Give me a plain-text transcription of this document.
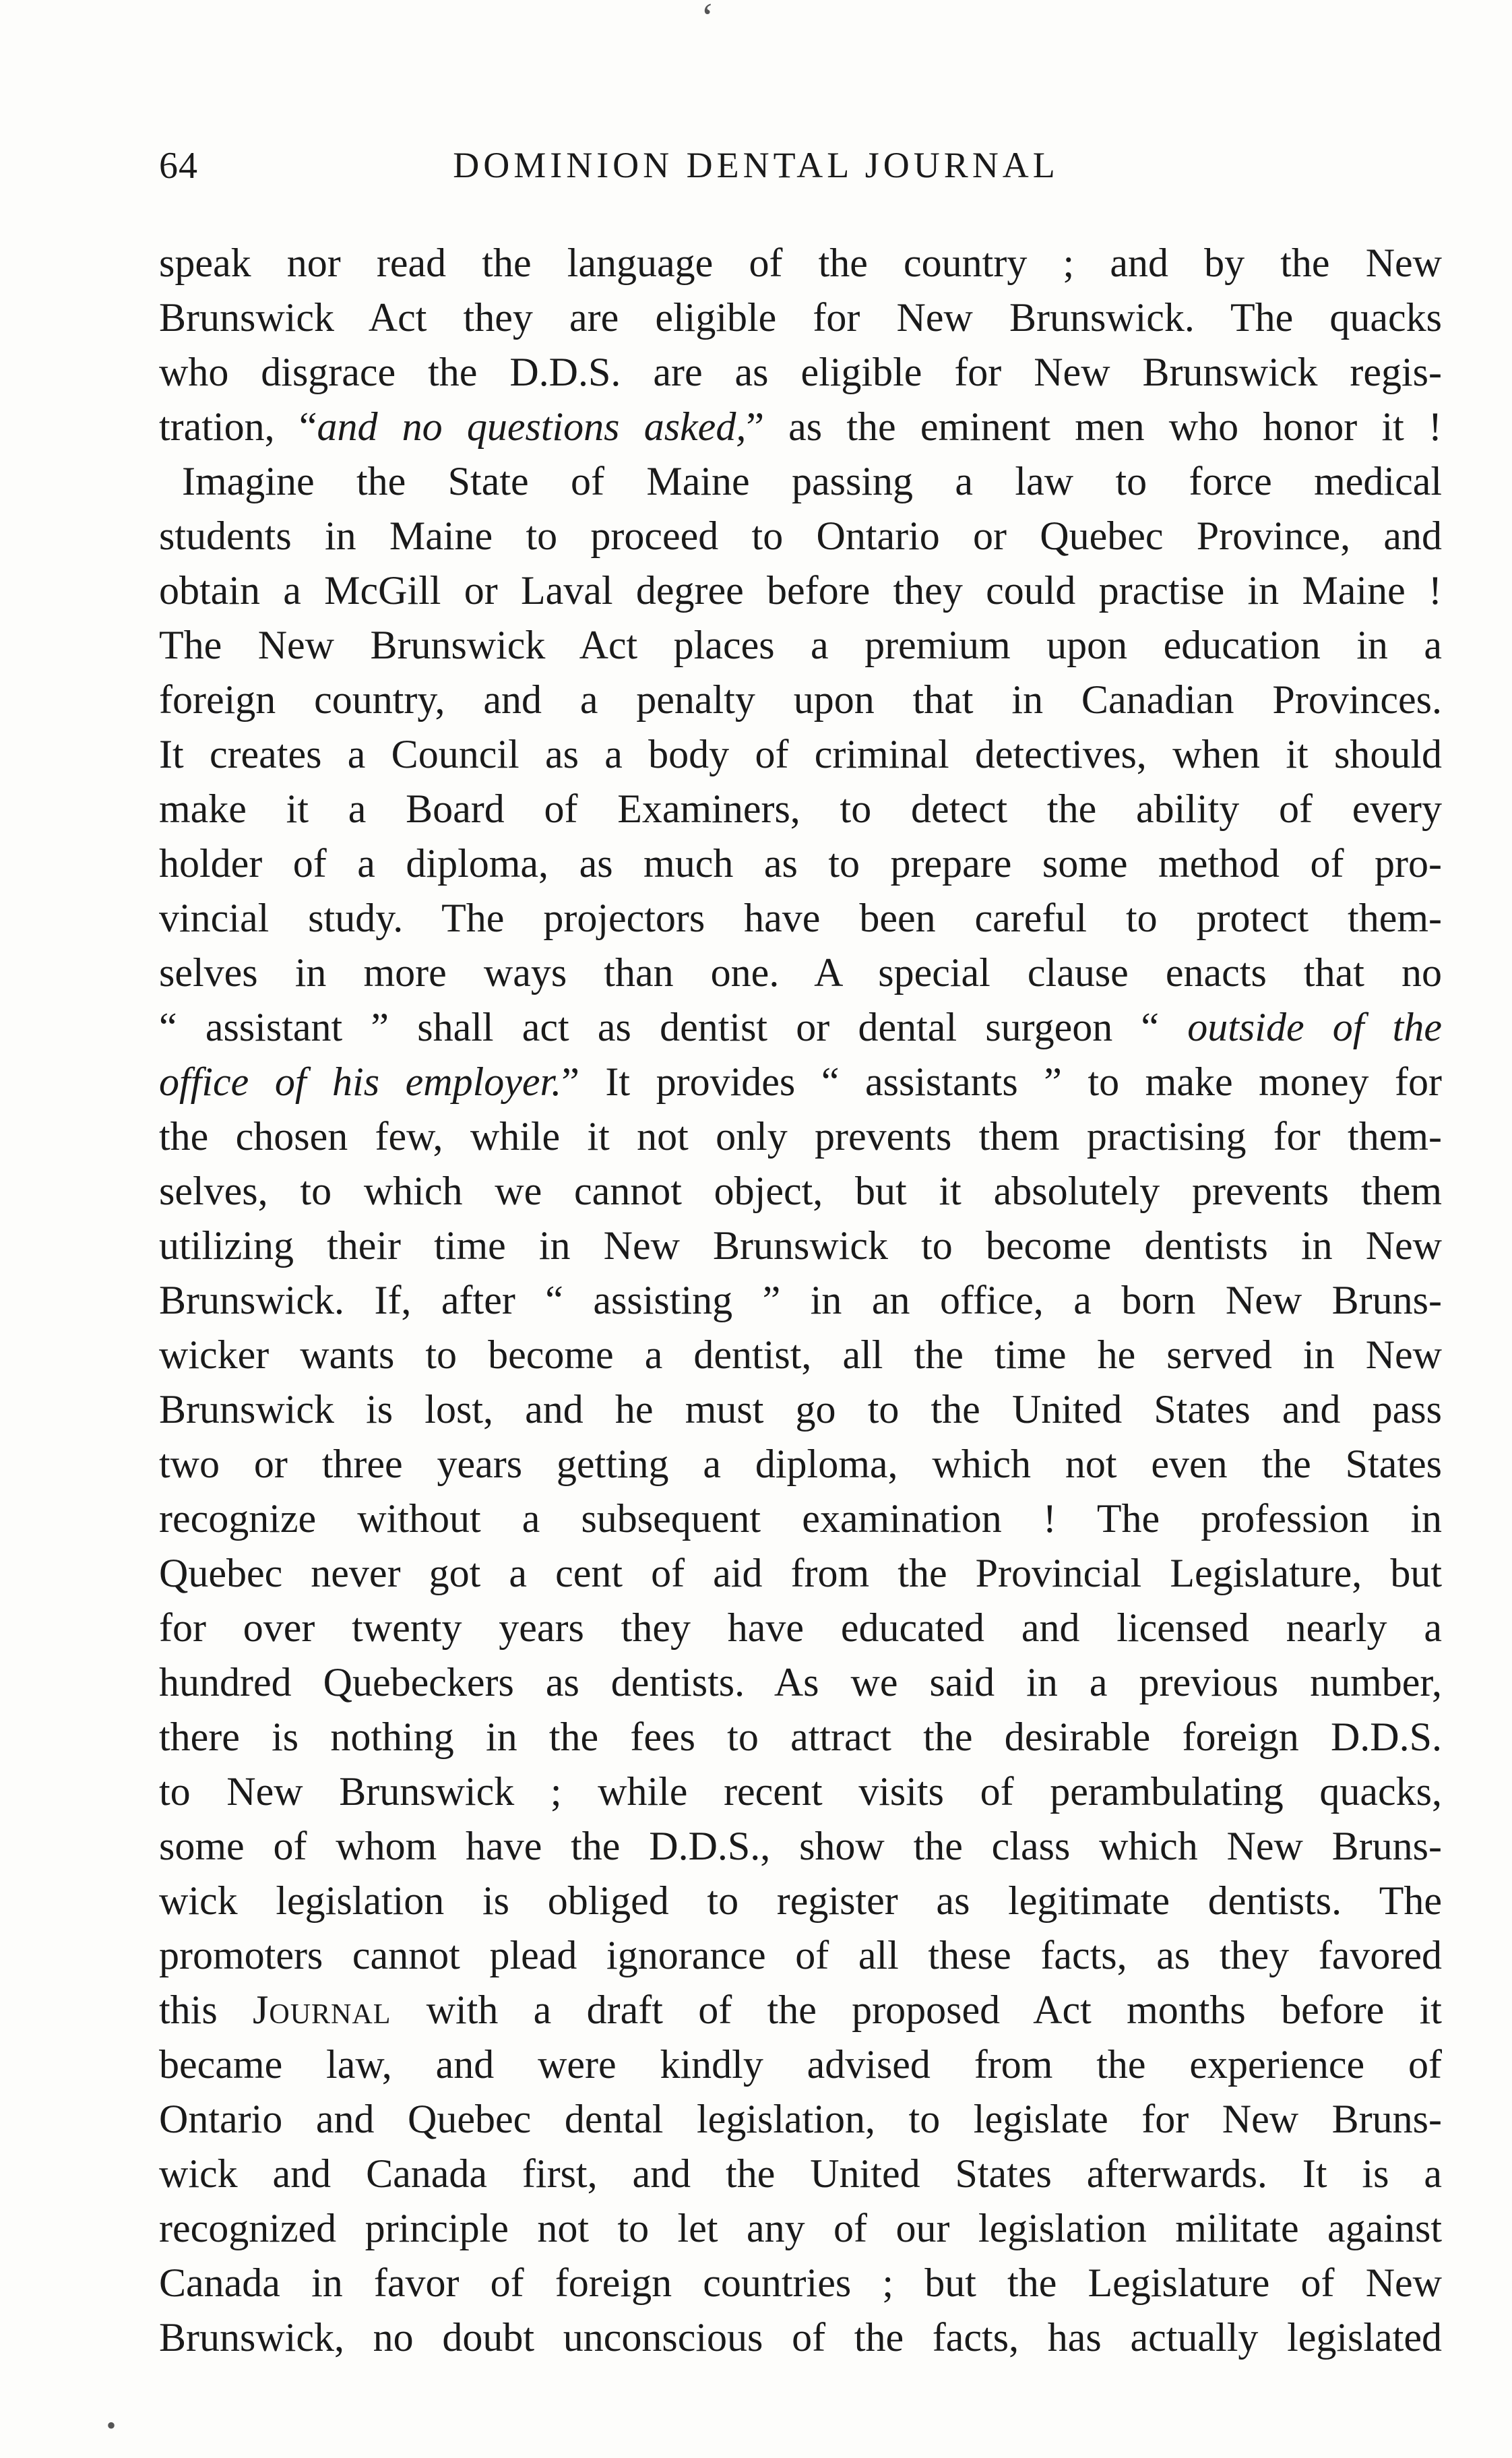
‘
64	DOMINION DENTAL JOURNAL
speak nor read the language of the country ; and by the New
Brunswick Act they are eligible for New Brunswick. The quacks
who disgrace the D.D.S. are as eligible for New Brunswick regis-
tration, “and no questions asked,” as the eminent men who honor it !
Imagine the State of Maine passing a law to force medical
students in Maine to proceed to Ontario or Quebec Province, and
obtain a McGill or Laval degree before they could practise in Maine !
The New Brunswick Act places a premium upon education in a
foreign country, and a penalty upon that in Canadian Provinces.
It creates a Council as a body of criminal detectives, when it should
make it a Board of Examiners, to detect the ability of every
holder of a diploma, as much as to prepare some method of pro-
vincial study. The projectors have been careful to protect them-
selves in more ways than one. A special clause enacts that no
“ assistant ” shall act as dentist or dental surgeon “ outside of the
office of his employer.” It provides “ assistants ” to make money for
the chosen few, while it not only prevents them practising for them-
selves, to which we cannot object, but it absolutely prevents them
utilizing their time in New Brunswick to become dentists in New
Brunswick. If, after “ assisting ” in an office, a born New Bruns-
wicker wants to become a dentist, all the time he served in New
Brunswick is lost, and he must go to the United States and pass
two or three years getting a diploma, which not even the States
recognize without a subsequent examination ! The profession in
Quebec never got a cent of aid from the Provincial Legislature, but
for over twenty years they have educated and licensed nearly a
hundred Quebeckers as dentists. As we said in a previous number,
there is nothing in the fees to attract the desirable foreign D.D.S.
to New Brunswick ; while recent visits of perambulating quacks,
some of whom have the D.D.S., show the class which New Bruns-
wick legislation is obliged to register as legitimate dentists. The
promoters cannot plead ignorance of all these facts, as they favored
this Journal with a draft of the proposed Act months before it
became law, and were kindly advised from the experience of
Ontario and Quebec dental legislation, to legislate for New Bruns-
wick and Canada first, and the United States afterwards. It is a
recognized principle not to let any of our legislation militate against
Canada in favor of foreign countries ; but the Legislature of New
Brunswick, no doubt unconscious of the facts, has actually legislated
•
